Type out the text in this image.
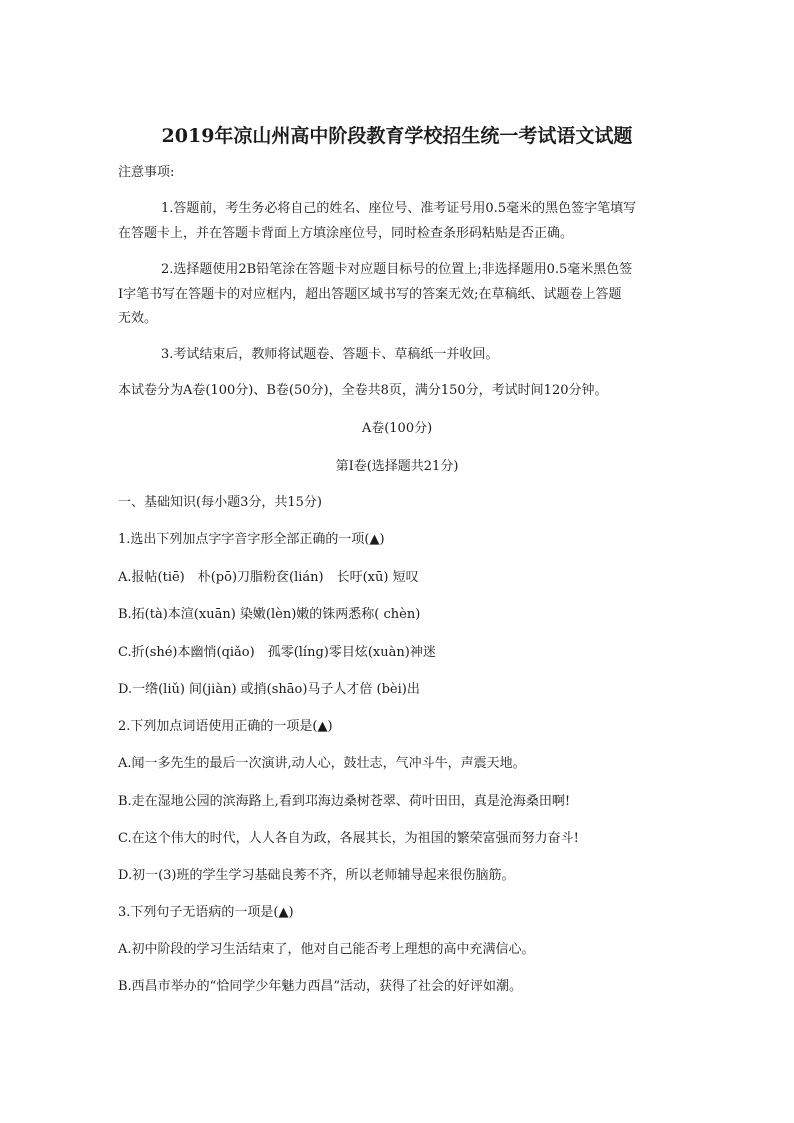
2019年凉山州高中阶段教育学校招生统一考试语文试题
注意事项:
1.答题前，考生务必将自己的姓名、座位号、准考证号用0.5毫米的黑色签字笔填写
在答题卡上，并在答题卡背面上方填涂座位号，同时检查条形码粘贴是否正确。
2.选择题使用2B铅笔涂在答题卡对应题目标号的位置上;非选择题用0.5毫米黑色签
I字笔书写在答题卡的对应框内，超出答题区域书写的答案无效;在草稿纸、试题卷上答题
无效。
3.考试结束后，教师将试题卷、答题卡、草稿纸一并收回。
本试卷分为A卷(100分)、B卷(50分)，全卷共8页，满分150分，考试时间120分钟。
A卷(100分)
第I卷(选择题共21分)
一、基础知识(每小题3分，共15分)
1.选出下列加点字字音字形全部正确的一项(▲)
A.报帖(tiē)　朴(pō)刀脂粉奁(lián)　长吁(xū) 短叹
B.拓(tà)本渲(xuān) 染嫩(lèn)嫩的铢两悉称( chèn)
C.折(shé)本幽悄(qiǎo)　孤零(líng)零目炫(xuàn)神迷
D.一绺(liǔ) 间(jiàn) 或捎(shāo)马子人才倍 (bèi)出
2.下列加点词语使用正确的一项是(▲)
A.闻一多先生的最后一次演讲,动人心，鼓壮志，气冲斗牛，声震天地。
B.走在湿地公园的滨海路上,看到邛海边桑树苍翠、荷叶田田，真是沧海桑田啊!
C.在这个伟大的时代，人人各自为政，各展其长，为祖国的繁荣富强而努力奋斗!
D.初一(3)班的学生学习基础良莠不齐，所以老师辅导起来很伤脑筋。
3.下列句子无语病的一项是(▲)
A.初中阶段的学习生活结束了，他对自己能否考上理想的高中充满信心。
B.西昌市举办的“恰同学少年魅力西昌”活动，获得了社会的好评如潮。
